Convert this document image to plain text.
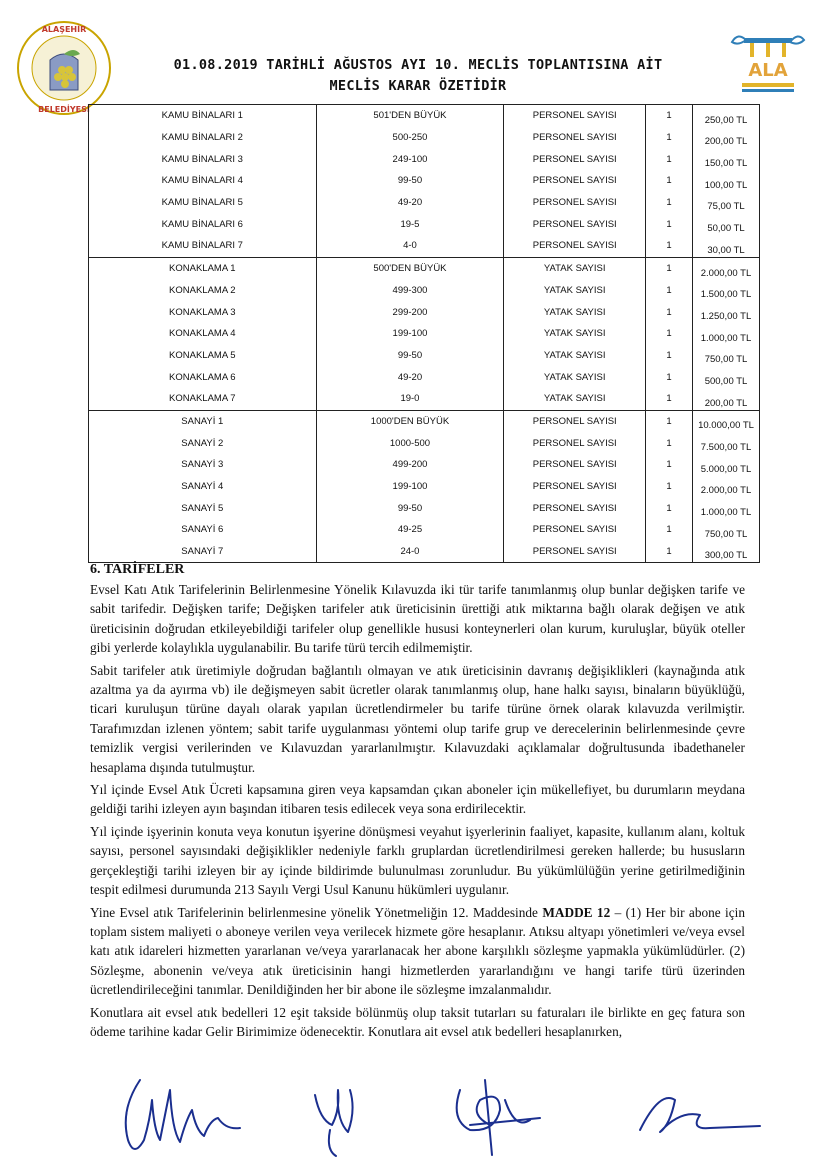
ALAŞEHİR
BELEDİYESİ
ALA
01.08.2019 TARİHLİ AĞUSTOS AYI 10. MECLİS TOPLANTISINA AİT
MECLİS KARAR ÖZETİDİR
KAMU BİNALARI 1	501'DEN BÜYÜK	PERSONEL SAYISI	1	250,00 TL
KAMU BİNALARI 2	500-250	PERSONEL SAYISI	1	200,00 TL
KAMU BİNALARI 3	249-100	PERSONEL SAYISI	1	150,00 TL
KAMU BİNALARI 4	99-50	PERSONEL SAYISI	1	100,00 TL
KAMU BİNALARI 5	49-20	PERSONEL SAYISI	1	75,00 TL
KAMU BİNALARI 6	19-5	PERSONEL SAYISI	1	50,00 TL
KAMU BİNALARI 7	4-0	PERSONEL SAYISI	1	30,00 TL
KONAKLAMA 1	500'DEN BÜYÜK	YATAK SAYISI	1	2.000,00 TL
KONAKLAMA 2	499-300	YATAK SAYISI	1	1.500,00 TL
KONAKLAMA 3	299-200	YATAK SAYISI	1	1.250,00 TL
KONAKLAMA 4	199-100	YATAK SAYISI	1	1.000,00 TL
KONAKLAMA 5	99-50	YATAK SAYISI	1	750,00 TL
KONAKLAMA 6	49-20	YATAK SAYISI	1	500,00 TL
KONAKLAMA 7	19-0	YATAK SAYISI	1	200,00 TL
SANAYİ 1	1000'DEN BÜYÜK	PERSONEL SAYISI	1	10.000,00 TL
SANAYİ 2	1000-500	PERSONEL SAYISI	1	7.500,00 TL
SANAYİ 3	499-200	PERSONEL SAYISI	1	5.000,00 TL
SANAYİ 4	199-100	PERSONEL SAYISI	1	2.000,00 TL
SANAYİ 5	99-50	PERSONEL SAYISI	1	1.000,00 TL
SANAYİ 6	49-25	PERSONEL SAYISI	1	750,00 TL
SANAYİ 7	24-0	PERSONEL SAYISI	1	300,00 TL
6. TARİFELER

Evsel Katı Atık Tarifelerinin Belirlenmesine Yönelik Kılavuzda iki tür tarife tanımlanmış olup bunlar değişken tarife ve sabit tarifedir. Değişken tarife; Değişken tarifeler atık üreticisinin ürettiği atık miktarına bağlı olarak değişen ve atık üreticisinin doğrudan etkileyebildiği tarifeler olup genellikle hususi konteynerleri olan kurum, kuruluşlar, büyük oteller gibi yerlerde kolaylıkla uygulanabilir. Bu tarife türü tercih edilmemiştir.

Sabit tarifeler atık üretimiyle doğrudan bağlantılı olmayan ve atık üreticisinin davranış değişiklikleri (kaynağında atık azaltma ya da ayırma vb) ile değişmeyen sabit ücretler olarak tanımlanmış olup, hane halkı sayısı, binaların büyüklüğü, ticari kuruluşun türüne dayalı olarak yapılan ücretlendirmeler bu tarife türüne örnek olarak kılavuzda verilmiştir. Tarafımızdan izlenen yöntem; sabit tarife uygulanması yöntemi olup tarife grup ve derecelerinin belirlenmesinde çevre temizlik vergisi verilerinden ve Kılavuzdan yararlanılmıştır. Kılavuzdaki açıklamalar doğrultusunda ibadethaneler hesaplama dışında tutulmuştur.

Yıl içinde Evsel Atık Ücreti kapsamına giren veya kapsamdan çıkan aboneler için mükellefiyet, bu durumların meydana geldiği tarihi izleyen ayın başından itibaren tesis edilecek veya sona erdirilecektir.

Yıl içinde işyerinin konuta veya konutun işyerine dönüşmesi veyahut işyerlerinin faaliyet, kapasite, kullanım alanı, koltuk sayısı, personel sayısındaki değişiklikler nedeniyle farklı gruplardan ücretlendirilmesi gereken hallerde; bu hususların gerçekleştiği tarihi izleyen bir ay içinde bildirimde bulunulması zorunludur. Bu yükümlülüğün yerine getirilmediğinin tespit edilmesi durumunda 213 Sayılı Vergi Usul Kanunu hükümleri uygulanır.

Yine Evsel atık Tarifelerinin belirlenmesine yönelik Yönetmeliğin 12. Maddesinde MADDE 12 – (1) Her bir abone için toplam sistem maliyeti o aboneye verilen veya verilecek hizmete göre hesaplanır. Atıksu altyapı yönetimleri ve/veya evsel katı atık idareleri hizmetten yararlanan ve/veya yararlanacak her abone karşılıklı sözleşme yapmakla yükümlüdürler. (2) Sözleşme, abonenin ve/veya atık üreticisinin hangi hizmetlerden yararlandığını ve hangi tarife türü üzerinden ücretlendirileceğini tanımlar. Denildiğinden her bir abone ile sözleşme imzalanmalıdır.

Konutlara ait evsel atık bedelleri 12 eşit takside bölünmüş olup taksit tutarları su faturaları ile birlikte en geç fatura son ödeme tarihine kadar Gelir Birimimize ödenecektir. Konutlara ait evsel atık bedelleri hesaplanırken,
